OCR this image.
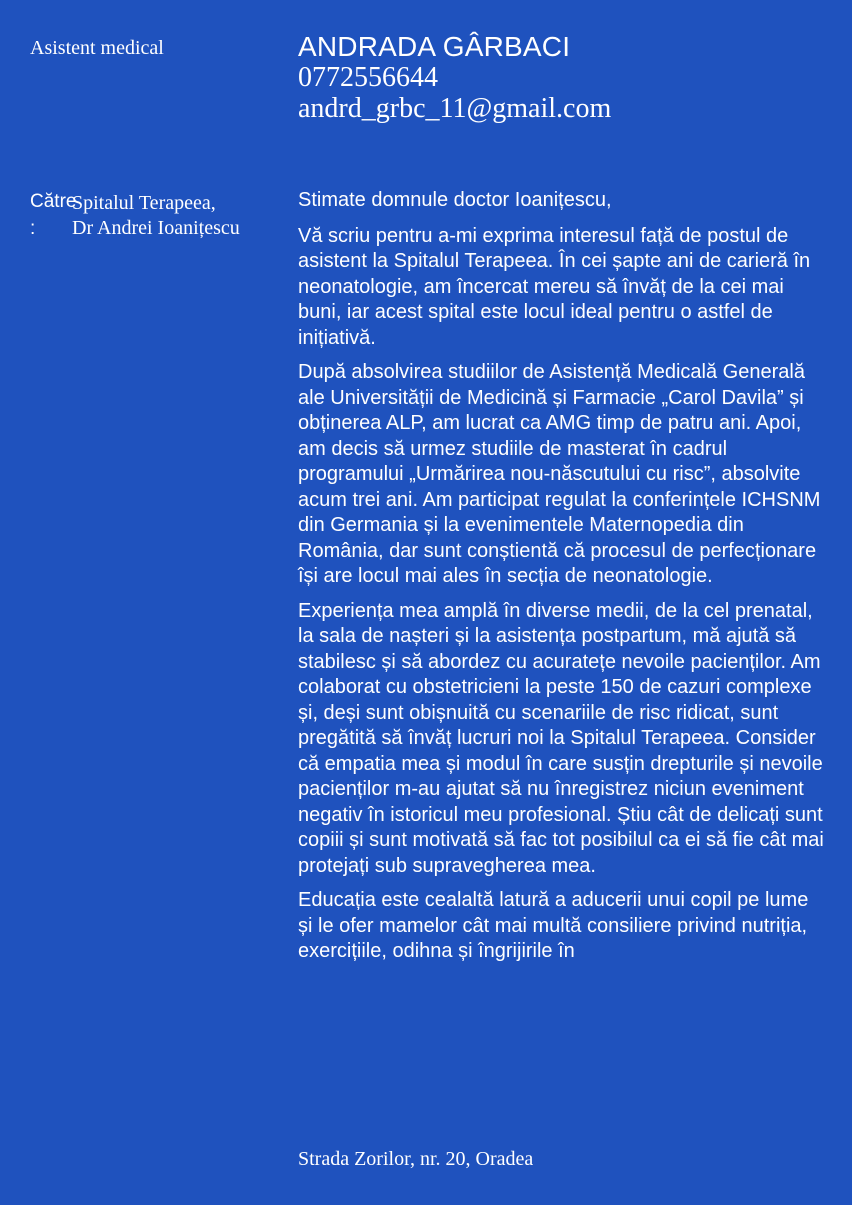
Asistent medical	ANDRADA GÂRBACI
0772556644
andrd_grbc_11@gmail.com
Către
:
Spitalul Terapeea,
Dr Andrei Ioanițescu

Stimate domnule doctor Ioanițescu,

Vă scriu pentru a-mi exprima interesul față de postul de asistent la Spitalul Terapeea. În cei șapte ani de carieră în neonatologie, am încercat mereu să învăț de la cei mai buni, iar acest spital este locul ideal pentru o astfel de inițiativă.

După absolvirea studiilor de Asistență Medicală Generală ale Universității de Medicină și Farmacie „Carol Davila” și obținerea ALP, am lucrat ca AMG timp de patru ani. Apoi, am decis să urmez studiile de masterat în cadrul programului „Urmărirea nou-născutului cu risc”, absolvite acum trei ani. Am participat regulat la conferințele ICHSNM din Germania și la evenimentele Maternopedia din România, dar sunt conștientă că procesul de perfecționare își are locul mai ales în secția de neonatologie.

Experiența mea amplă în diverse medii, de la cel prenatal, la sala de nașteri și la asistența postpartum, mă ajută să stabilesc și să abordez cu acuratețe nevoile pacienților. Am colaborat cu obstetricieni la peste 150 de cazuri complexe și, deși sunt obișnuită cu scenariile de risc ridicat, sunt pregătită să învăț lucruri noi la Spitalul Terapeea. Consider că empatia mea și modul în care susțin drepturile și nevoile pacienților m-au ajutat să nu înregistrez niciun eveniment negativ în istoricul meu profesional. Știu cât de delicați sunt copiii și sunt motivată să fac tot posibilul ca ei să fie cât mai protejați sub supravegherea mea.

Educația este cealaltă latură a aducerii unui copil pe lume și le ofer mamelor cât mai multă consiliere privind nutriția, exercițiile, odihna și îngrijirile în

Strada Zorilor, nr. 20, Oradea
